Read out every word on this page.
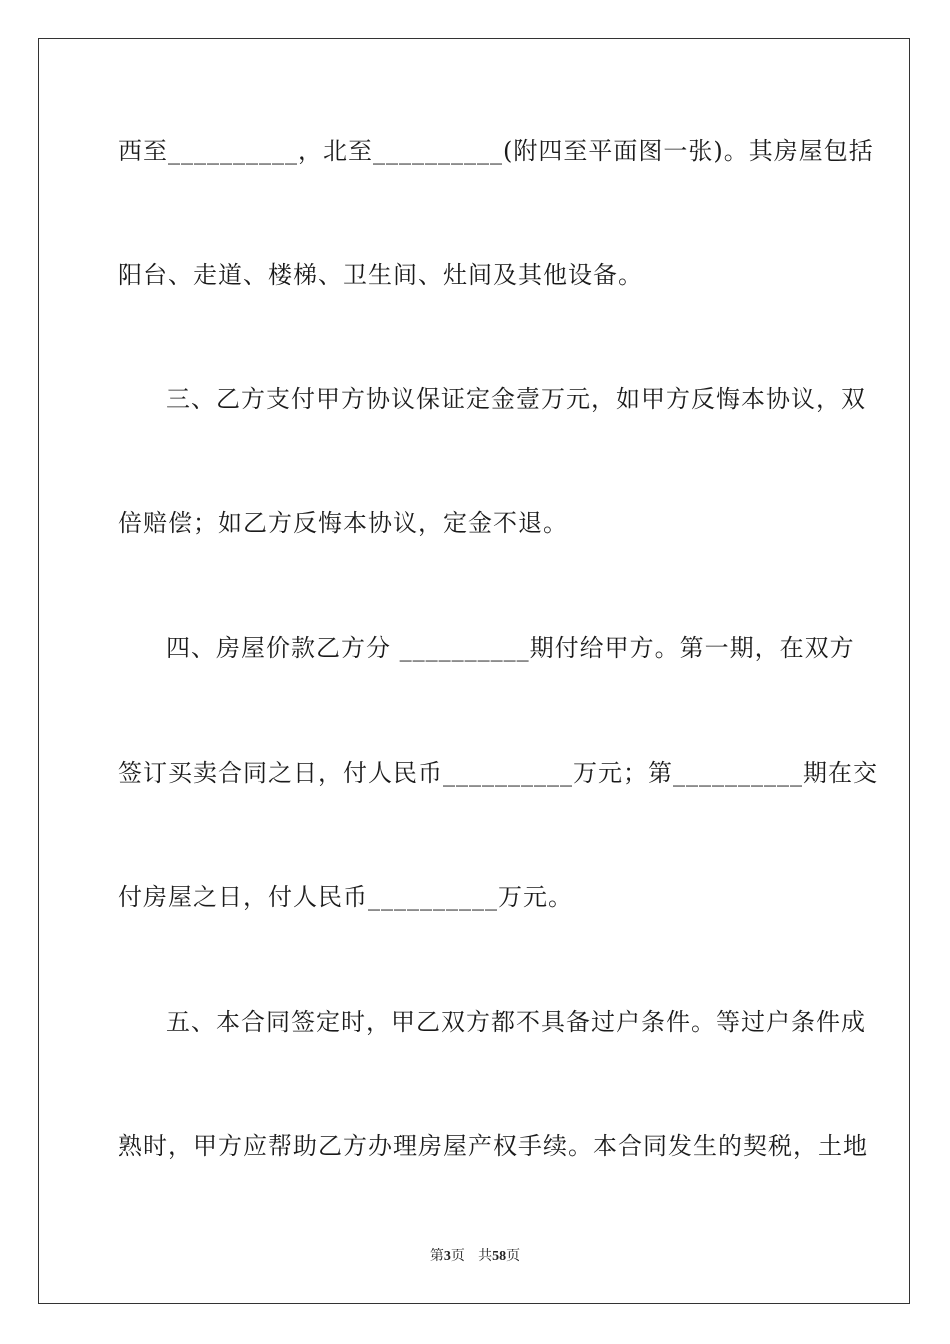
西至__________，北至__________(附四至平面图一张)。其房屋包括
阳台、走道、楼梯、卫生间、灶间及其他设备。
三、乙方支付甲方协议保证定金壹万元，如甲方反悔本协议，双
倍赔偿；如乙方反悔本协议，定金不退。
四、房屋价款乙方分 __________期付给甲方。第一期，在双方
签订买卖合同之日，付人民币__________万元；第__________期在交
付房屋之日，付人民币__________万元。
五、本合同签定时，甲乙双方都不具备过户条件。等过户条件成
熟时，甲方应帮助乙方办理房屋产权手续。本合同发生的契税，土地
第3页 共58页
